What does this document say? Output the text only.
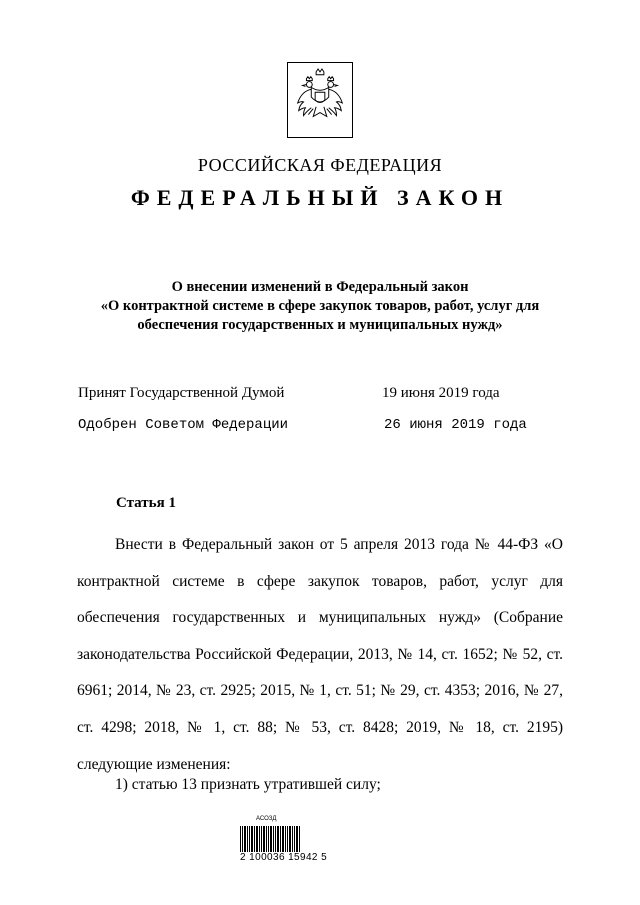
РОССИЙСКАЯ ФЕДЕРАЦИЯ
ФЕДЕРАЛЬНЫЙ ЗАКОН
О внесении изменений в Федеральный закон
«О контрактной системе в сфере закупок товаров, работ, услуг для
обеспечения государственных и муниципальных нужд»
Принят Государственной Думой	19 июня 2019 года
Одобрен Советом Федерации	26 июня 2019 года
Статья 1

Внести в Федеральный закон от 5 апреля 2013 года № 44-ФЗ «О контрактной системе в сфере закупок товаров, работ, услуг для обеспечения государственных и муниципальных нужд» (Собрание законодательства Российской Федерации, 2013, № 14, ст. 1652; № 52, ст. 6961; 2014, № 23, ст. 2925; 2015, № 1, ст. 51; № 29, ст. 4353; 2016, № 27, ст. 4298; 2018, № 1, ст. 88; № 53, ст. 8428; 2019, № 18, ст. 2195) следующие изменения:

1) статью 13 признать утратившей силу;
АСОЗД
2 100036 15942 5
